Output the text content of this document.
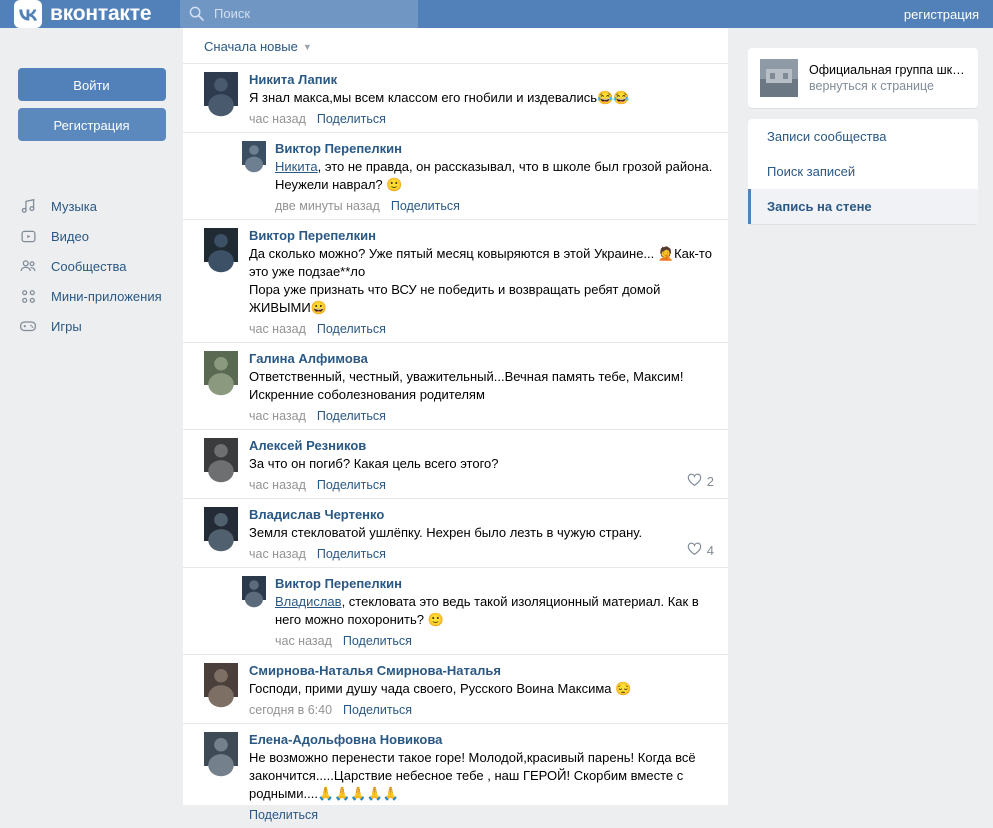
вконтакте
Поиск	регистрация
Войти
Регистрация
Музыка
Видео
Сообщества
Мини-приложения
Игры
Сначала новые ▼
Никита Лапик
Я знал макса,мы всем классом его гнобили и издевались😂😂
час назад Поделиться
Виктор Перепелкин
Никита, это не правда, он рассказывал, что в школе был грозой района. Неужели наврал? 🙂
две минуты назад Поделиться
Виктор Перепелкин
Да сколько можно? Уже пятый месяц ковыряются в этой Украине... 🤦Как-то это уже подзае**ло
Пора уже признать что ВСУ не победить и возвращать ребят домой ЖИВЫМИ😀
час назад Поделиться
Галина Алфимова
Ответственный, честный, уважительный...Вечная память тебе, Максим! Искренние соболезнования родителям
час назад Поделиться
Алексей Резников
За что он погиб? Какая цель всего этого?
час назад Поделиться	2
Владислав Чертенко
Земля стекловатой ушлёпку. Нехрен было лезть в чужую страну.
час назад Поделиться	4
Виктор Перепелкин
Владислав, стекловата это ведь такой изоляционный материал. Как в него можно похоронить? 🙂
час назад Поделиться
Смирнова-Наталья Смирнова-Наталья
Господи, прими душу чада своего, Русского Воина Максима 😔
сегодня в 6:40 Поделиться
Елена-Адольфовна Новикова
Не возможно перенести такое горе! Молодой,красивый парень! Когда всё закончится.....Царствие небесное тебе , наш ГЕРОЙ! Скорбим вместе с родными....🙏🙏🙏🙏🙏
Поделиться
Официальная группа шк…
вернуться к странице
Записи сообщества
Поиск записей
Запись на стене
